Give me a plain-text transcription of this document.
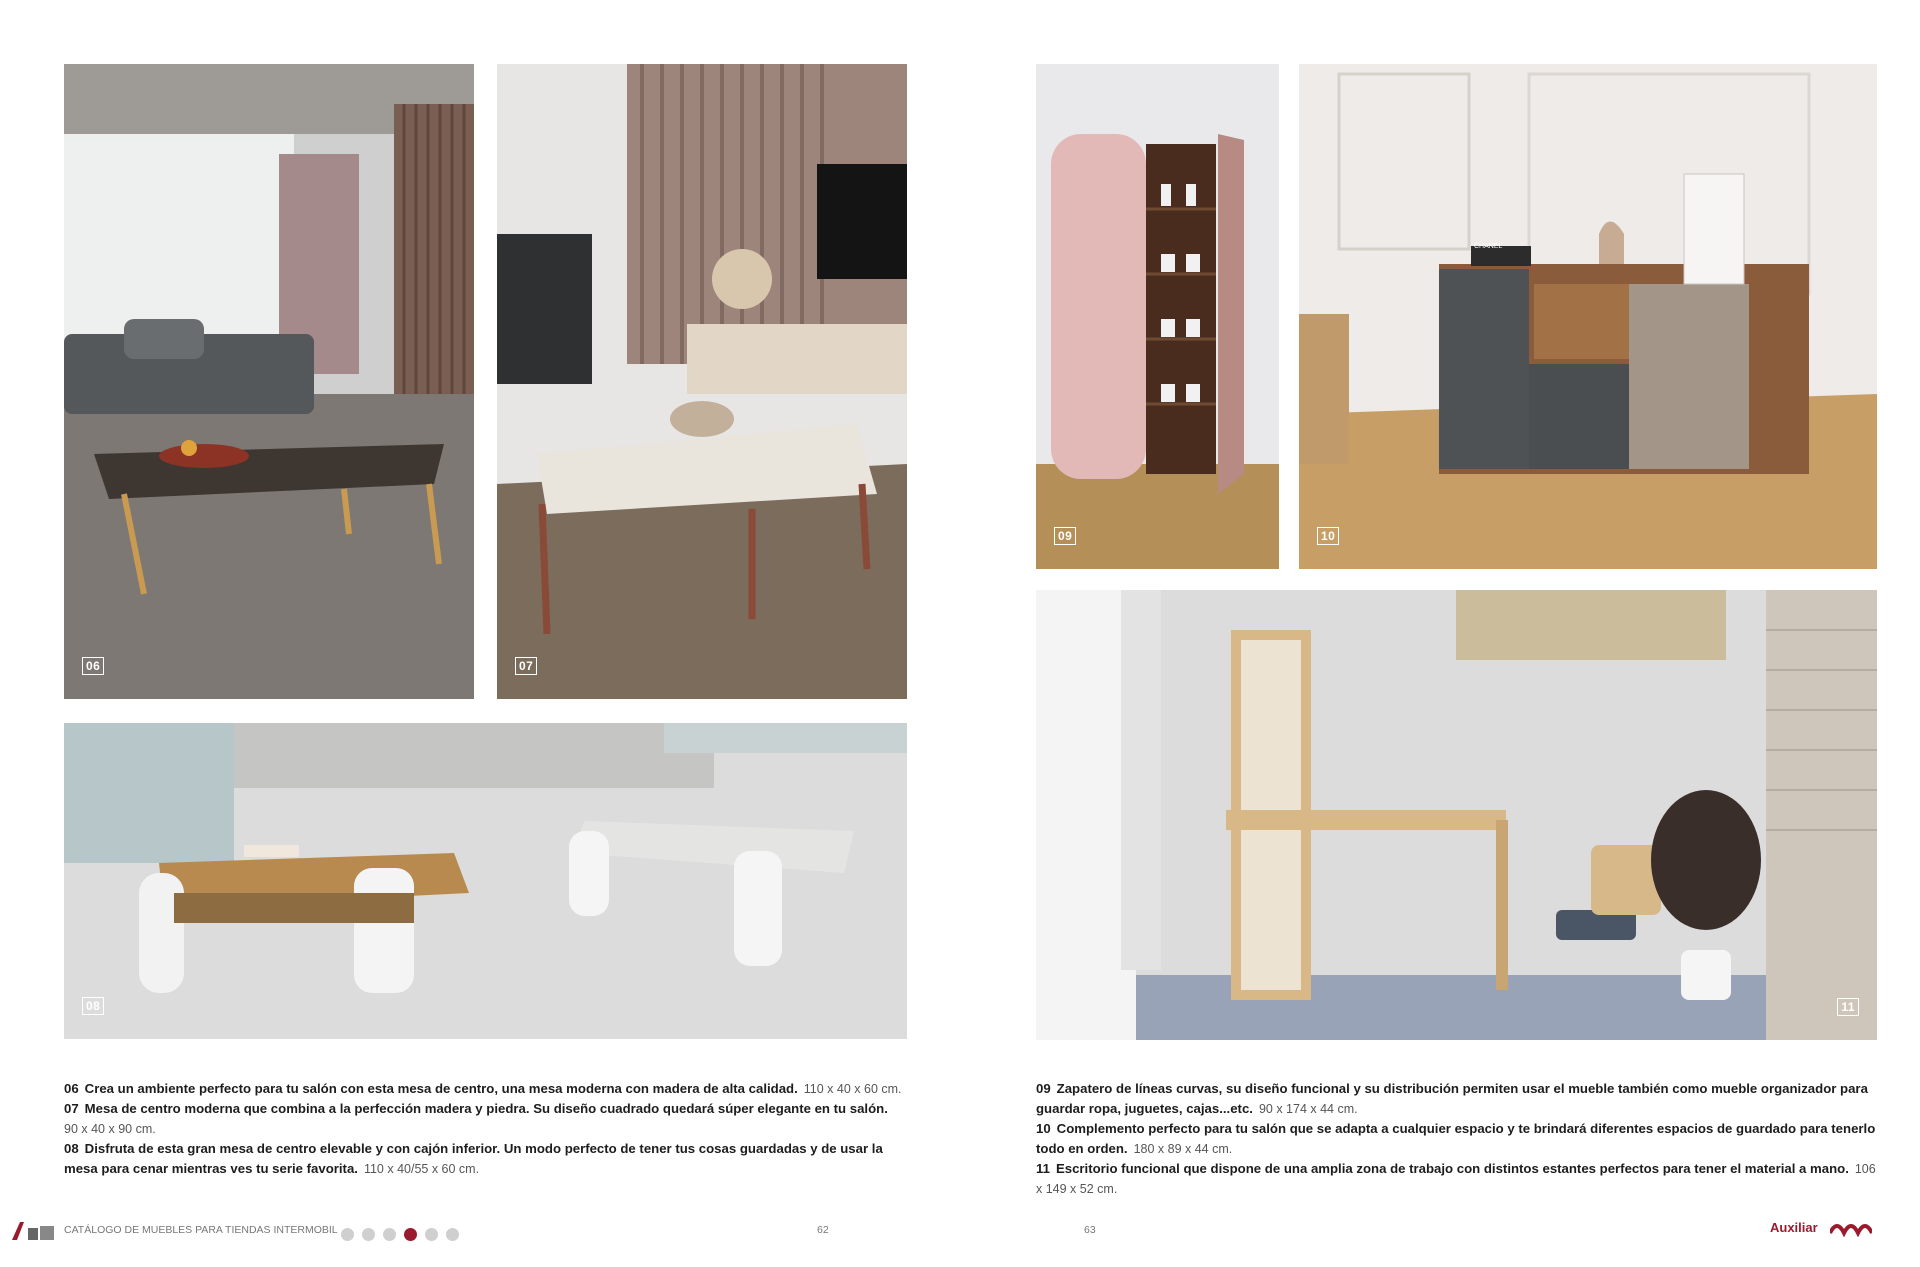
06	07
08
09
CHANEL
10
11

06 Crea un ambiente perfecto para tu salón con esta mesa de centro, una mesa moderna con madera de alta calidad. 110 x 40 x 60 cm.

07 Mesa de centro moderna que combina a la perfección madera y piedra. Su diseño cuadrado quedará súper elegante en tu salón.
90 x 40 x 90 cm.

08 Disfruta de esta gran mesa de centro elevable y con cajón inferior. Un modo perfecto de tener tus cosas guardadas y de usar la mesa para cenar mientras ves tu serie favorita. 110 x 40/55 x 60 cm.

09 Zapatero de líneas curvas, su diseño funcional y su distribución permiten usar el mueble también como mueble organizador para guardar ropa, juguetes, cajas...etc. 90 x 174 x 44 cm.

10 Complemento perfecto para tu salón que se adapta a cualquier espacio y te brindará diferentes espacios de guardado para tenerlo todo en orden. 180 x 89 x 44 cm.

11 Escritorio funcional que dispone de una amplia zona de trabajo con distintos estantes perfectos para tener el material a mano. 106 x 149 x 52 cm.

CATÁLOGO DE MUEBLES PARA TIENDAS INTERMOBIL	62	63	Auxiliar
